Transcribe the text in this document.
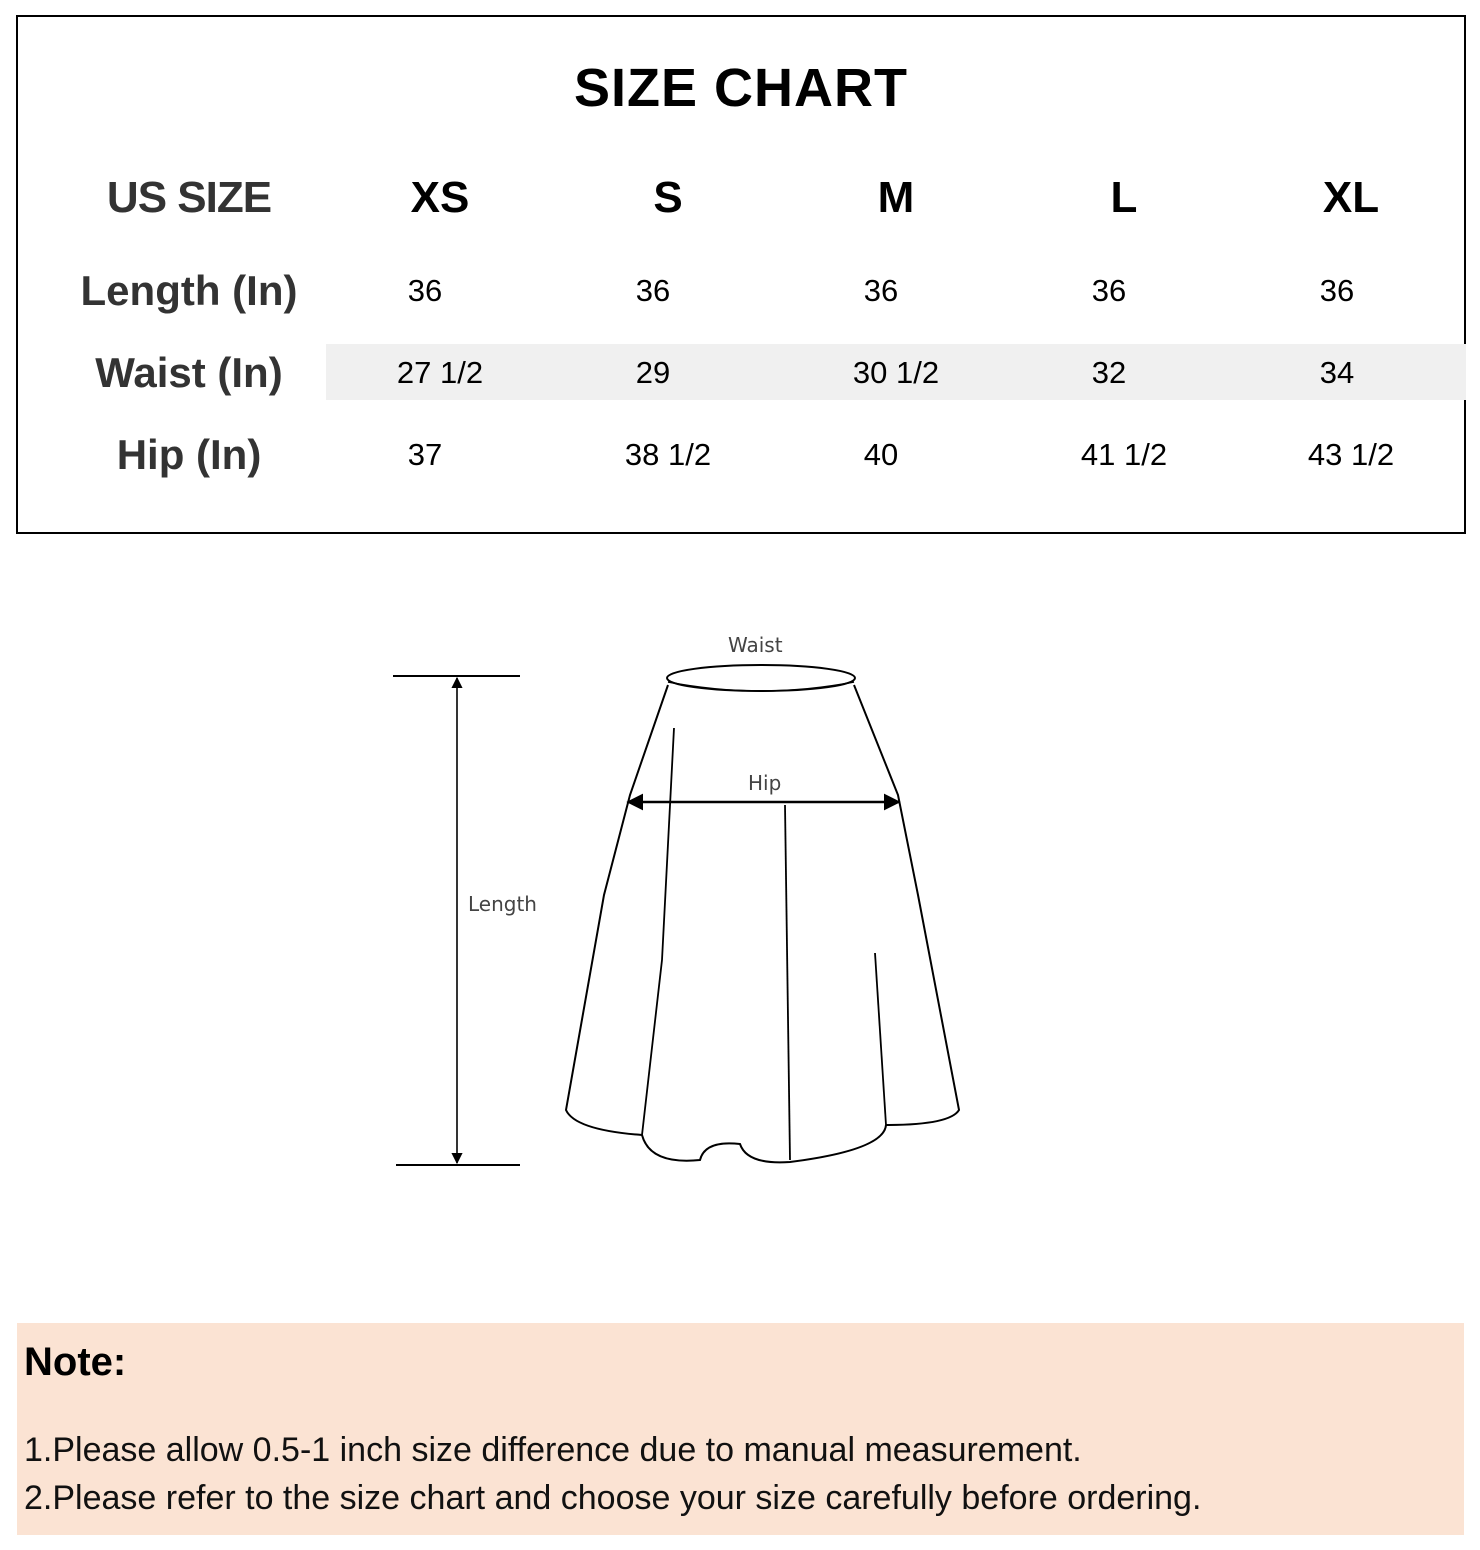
SIZE CHART
US SIZE	XS	S	M	L	XL
Length (In)	36	36	36	36	36
Waist (In)	27 1/2	29	30 1/2	32	34
Hip (In)	37	38 1/2	40	41 1/2	43 1/2
Length
Waist
Hip
Note:
1.Please allow 0.5-1 inch size difference due to manual measurement.
2.Please refer to the size chart and choose your size carefully before ordering.
